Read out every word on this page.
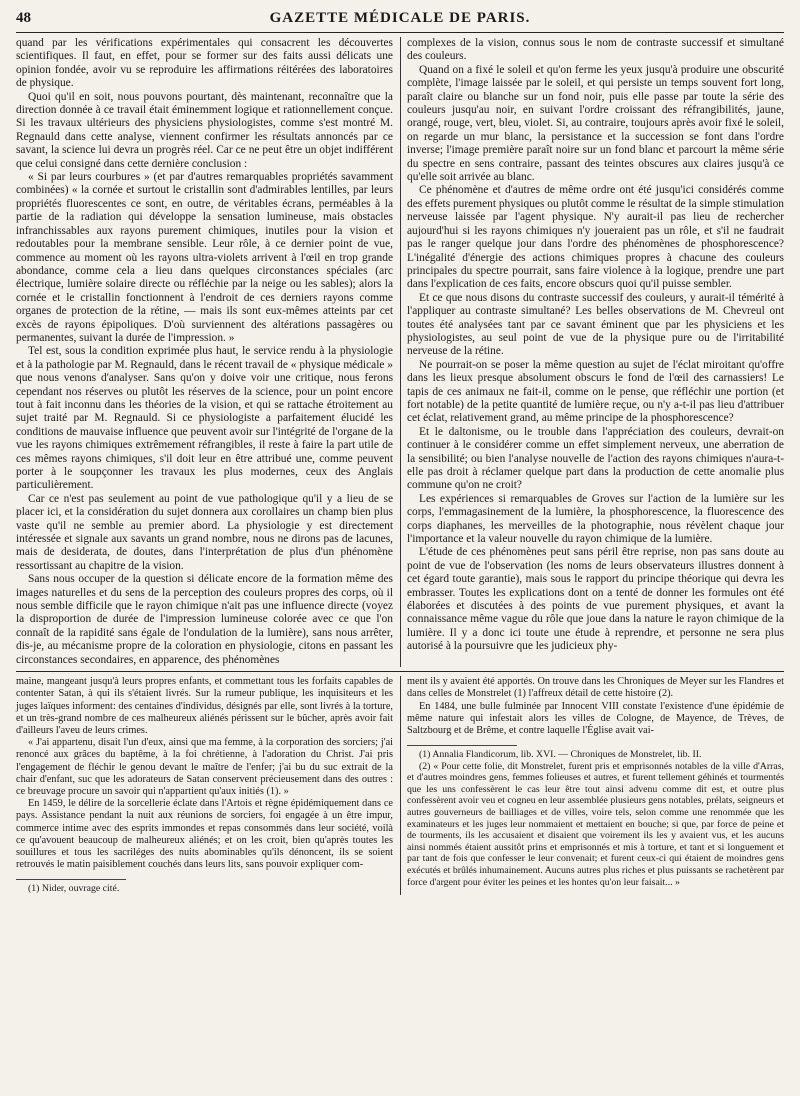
48	GAZETTE MÉDICALE DE PARIS.

quand par les vérifications expérimentales qui consacrent les découvertes scientifiques. Il faut, en effet, pour se former sur des faits aussi délicats une opinion fondée, avoir vu se reproduire les affirmations réitérées des laboratoires de physique.

Quoi qu'il en soit, nous pouvons pourtant, dès maintenant, reconnaître que la direction donnée à ce travail était éminemment logique et rationnellement conçue. Si les travaux ultérieurs des physiciens physiologistes, comme s'est montré M. Regnauld dans cette analyse, viennent confirmer les résultats annoncés par ce savant, la science lui devra un progrès réel. Car ce ne peut être un objet indifférent que celui consigné dans cette dernière conclusion :

« Si par leurs courbures » (et par d'autres remarquables propriétés savamment combinées) « la cornée et surtout le cristallin sont d'admirables lentilles, par leurs propriétés fluorescentes ce sont, en outre, de véritables écrans, perméables à la partie de la radiation qui développe la sensation lumineuse, mais obstacles infranchissables aux rayons purement chimiques, inutiles pour la vision et redoutables pour la membrane sensible. Leur rôle, à ce dernier point de vue, commence au moment où les rayons ultra-violets arrivent à l'œil en trop grande abondance, comme cela a lieu dans quelques circonstances spéciales (arc électrique, lumière solaire directe ou réfléchie par la neige ou les sables); alors la cornée et le cristallin fonctionnent à l'endroit de ces derniers rayons comme organes de protection de la rétine, — mais ils sont eux-mêmes atteints par cet excès de rayons épipoliques. D'où surviennent des altérations passagères ou permanentes, suivant la durée de l'impression. »

Tel est, sous la condition exprimée plus haut, le service rendu à la physiologie et à la pathologie par M. Regnauld, dans le récent travail de « physique médicale » que nous venons d'analyser. Sans qu'on y doive voir une critique, nous ferons cependant nos réserves ou plutôt les réserves de la science, pour un point encore tout à fait inconnu dans les théories de la vision, et qui se rattache étroitement au sujet traité par M. Regnauld. Si ce physiologiste a parfaitement élucidé les conditions de mauvaise influence que peuvent avoir sur l'intégrité de l'organe de la vue les rayons chimiques extrêmement réfrangibles, il reste à faire la part utile de ces mêmes rayons chimiques, s'il doit leur en être attribué une, comme peuvent porter à le soupçonner les travaux les plus modernes, ceux des Anglais particulièrement.

Car ce n'est pas seulement au point de vue pathologique qu'il y a lieu de se placer ici, et la considération du sujet donnera aux corollaires un champ bien plus vaste qu'il ne semble au premier abord. La physiologie y est directement intéressée et signale aux savants un grand nombre, nous ne dirons pas de lacunes, mais de desiderata, de doutes, dans l'interprétation de plus d'un phénomène ressortissant au chapitre de la vision.

Sans nous occuper de la question si délicate encore de la formation même des images naturelles et du sens de la perception des couleurs propres des corps, où il nous semble difficile que le rayon chimique n'ait pas une influence directe (voyez la disproportion de durée de l'impression lumineuse colorée avec ce que l'on connaît de la rapidité sans égale de l'ondulation de la lumière), sans nous arrêter, dis-je, au mécanisme propre de la coloration en physiologie, citons en passant les circonstances secondaires, en apparence, des phénomènes

complexes de la vision, connus sous le nom de contraste successif et simultané des couleurs.

Quand on a fixé le soleil et qu'on ferme les yeux jusqu'à produire une obscurité complète, l'image laissée par le soleil, et qui persiste un temps souvent fort long, paraît claire ou blanche sur un fond noir, puis elle passe par toute la série des couleurs jusqu'au noir, en suivant l'ordre croissant des réfrangibilités, jaune, orangé, rouge, vert, bleu, violet. Si, au contraire, toujours après avoir fixé le soleil, on regarde un mur blanc, la persistance et la succession se font dans l'ordre inverse; l'image première paraît noire sur un fond blanc et parcourt la même série du spectre en sens contraire, passant des teintes obscures aux claires jusqu'à ce qu'elle soit arrivée au blanc.

Ce phénomène et d'autres de même ordre ont été jusqu'ici considérés comme des effets purement physiques ou plutôt comme le résultat de la simple stimulation nerveuse laissée par l'agent physique. N'y aurait-il pas lieu de rechercher aujourd'hui si les rayons chimiques n'y joueraient pas un rôle, et s'il ne faudrait pas le ranger quelque jour dans l'ordre des phénomènes de phosphorescence? L'inégalité d'énergie des actions chimiques propres à chacune des couleurs principales du spectre pourrait, sans faire violence à la logique, prendre une part dans l'explication de ces faits, encore obscurs quoi qu'il puisse sembler.

Et ce que nous disons du contraste successif des couleurs, y aurait-il témérité à l'appliquer au contraste simultané? Les belles observations de M. Chevreul ont toutes été analysées tant par ce savant éminent que par les physiciens et les physiologistes, au seul point de vue de la physique pure ou de l'irritabilité nerveuse de la rétine.

Ne pourrait-on se poser la même question au sujet de l'éclat miroitant qu'offre dans les lieux presque absolument obscurs le fond de l'œil des carnassiers! Le tapis de ces animaux ne fait-il, comme on le pense, que réfléchir une portion (et fort notable) de la petite quantité de lumière reçue, ou n'y a-t-il pas lieu d'attribuer cet éclat, relativement grand, au même principe de la phosphorescence?

Et le daltonisme, ou le trouble dans l'appréciation des couleurs, devrait-on continuer à le considérer comme un effet simplement nerveux, une aberration de la sensibilité; ou bien l'analyse nouvelle de l'action des rayons chimiques n'aura-t-elle pas droit à réclamer quelque part dans la production de cette anomalie plus commune qu'on ne croit?

Les expériences si remarquables de Groves sur l'action de la lumière sur les corps, l'emmagasinement de la lumière, la phosphorescence, la fluorescence des corps diaphanes, les merveilles de la photographie, nous révèlent chaque jour l'importance et la valeur nouvelle du rayon chimique de la lumière.

L'étude de ces phénomènes peut sans péril être reprise, non pas sans doute au point de vue de l'observation (les noms de leurs observateurs illustres donnent à cet égard toute garantie), mais sous le rapport du principe théorique qui devra les embrasser. Toutes les explications dont on a tenté de donner les formules ont été élaborées et discutées à des points de vue purement physiques, et avant la connaissance même vague du rôle que joue dans la nature le rayon chimique de la lumière. Il y a donc ici toute une étude à reprendre, et personne ne sera plus autorisé à la poursuivre que les judicieux phy-

maine, mangeant jusqu'à leurs propres enfants, et commettant tous les forfaits capables de contenter Satan, à qui ils s'étaient livrés. Sur la rumeur publique, les inquisiteurs et les juges laïques informent: des centaines d'individus, désignés par elle, sont livrés à la torture, et un très-grand nombre de ces malheureux aliénés périssent sur le bûcher, après avoir fait d'ailleurs l'aveu de leurs crimes.

« J'ai appartenu, disait l'un d'eux, ainsi que ma femme, à la corporation des sorciers; j'ai renoncé aux grâces du baptême, à la foi chrétienne, à l'adoration du Christ. J'ai pris l'engagement de fléchir le genou devant le maître de l'enfer; j'ai bu du suc extrait de la chair d'enfant, suc que les adorateurs de Satan conservent précieusement dans des outres : ce breuvage procure un savoir qui n'appartient qu'aux initiés (1). »

En 1459, le délire de la sorcellerie éclate dans l'Artois et règne épidémiquement dans ce pays. Assistance pendant la nuit aux réunions de sorciers, foi engagée à un être impur, commerce intime avec des esprits immondes et repas consommés dans leur société, voilà ce qu'avouent beaucoup de malheureux aliénés; et on les croit, bien qu'après toutes les souillures et tous les sacriléges des nuits abominables qu'ils dénoncent, ils se soient retrouvés le matin paisiblement couchés dans leurs lits, sans pouvoir expliquer com-

(1) Nider, ouvrage cité.

ment ils y avaient été apportés. On trouve dans les Chroniques de Meyer sur les Flandres et dans celles de Monstrelet (1) l'affreux détail de cette histoire (2).

En 1484, une bulle fulminée par Innocent VIII constate l'existence d'une épidémie de même nature qui infestait alors les villes de Cologne, de Mayence, de Trèves, de Saltzbourg et de Brême, et contre laquelle l'Église avait vai-

(1) Annalia Flandicorum, lib. XVI. — Chroniques de Monstrelet, lib. II.

(2) « Pour cette folie, dit Monstrelet, furent pris et emprisonnés notables de la ville d'Arras, et d'autres moindres gens, femmes folieuses et autres, et furent tellement géhinés et tourmentés que les uns confessèrent le cas leur être tout ainsi advenu comme dit est, et outre plus confessèrent avoir veu et cogneu en leur assemblée plusieurs gens notables, prélats, seigneurs et autres gouverneurs de bailliages et de villes, voire tels, selon comme une renommée que les examinateurs et les juges leur nommaient et mettaient en bouche; si que, par force de peine et de tourments, ils les accusaient et disaient que voirement ils les y avaient vus, et les aucuns ainsi nommés étaient aussitôt prins et emprisonnés et mis à torture, et tant et si longuement et par tant de fois que confesser le leur convenait; et furent ceux-ci qui étaient de moindres gens exécutés et brûlés inhumainement. Aucuns autres plus riches et plus puissants se rachetèrent par force d'argent pour éviter les peines et les hontes qu'on leur faisait... »
